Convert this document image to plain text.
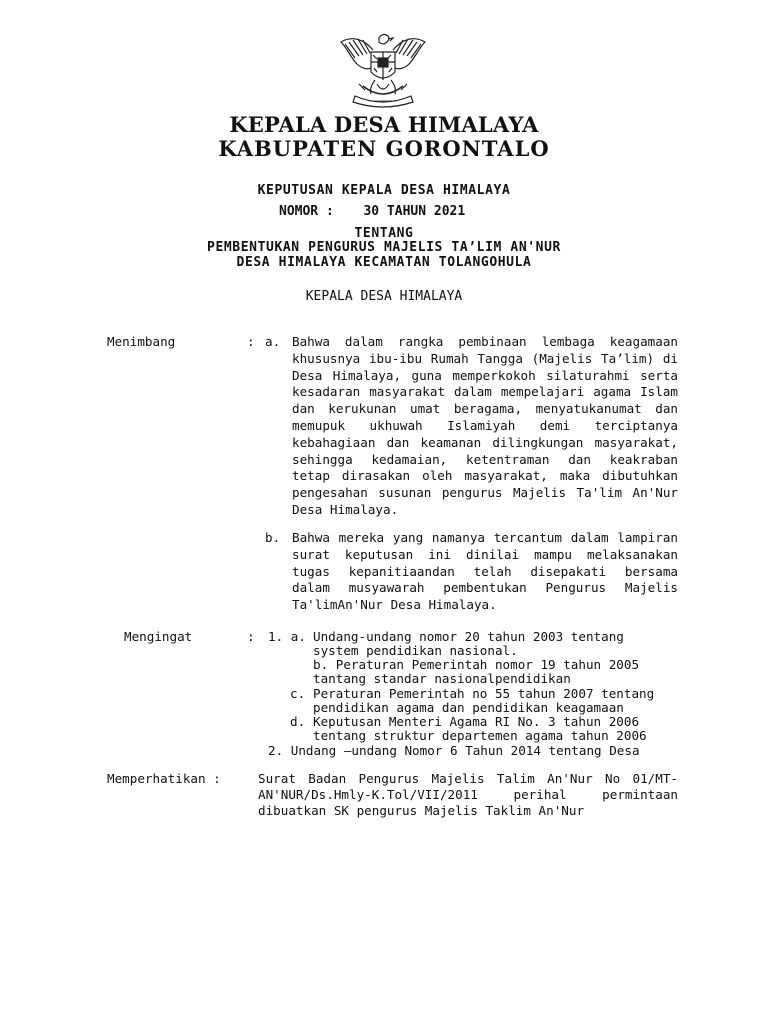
KEPALA DESA HIMALAYA
KABUPATEN GORONTALO
KEPUTUSAN KEPALA DESA HIMALAYA
NOMOR : 30 TAHUN 2021
TENTANG
PEMBENTUKAN PENGURUS MAJELIS TA’LIM AN'NUR
DESA HIMALAYA KECAMATAN TOLANGOHULA
KEPALA DESA HIMALAYA
Menimbang	: a. Bahwa dalam rangka pembinaan lembaga keagamaan khususnya ibu-ibu Rumah Tangga (Majelis Ta’lim) di Desa Himalaya, guna memperkokoh silaturahmi serta kesadaran masyarakat dalam mempelajari agama Islam dan kerukunan umat beragama, menyatukanumat dan memupuk ukhuwah Islamiyah demi terciptanya kebahagiaan dan keamanan dilingkungan masyarakat, sehingga kedamaian, ketentraman dan keakraban tetap dirasakan oleh masyarakat, maka dibutuhkan pengesahan susunan pengurus Majelis Ta'lim An'Nur Desa Himalaya.
b. Bahwa mereka yang namanya tercantum dalam lampiran surat keputusan ini dinilai mampu melaksanakan tugas kepanitiaandan telah disepakati bersama dalam musyawarah pembentukan Pengurus Majelis Ta'limAn'Nur Desa Himalaya.
Mengingat	: 1. a. Undang-undang nomor 20 tahun 2003 tentang
system pendidikan nasional.
b. Peraturan Pemerintah nomor 19 tahun 2005
tantang standar nasionalpendidikan
c. Peraturan Pemerintah no 55 tahun 2007 tentang
pendidikan agama dan pendidikan keagamaan
d. Keputusan Menteri Agama RI No. 3 tahun 2006
tentang struktur departemen agama tahun 2006
2. Undang –undang Nomor 6 Tahun 2014 tentang Desa
Memperhatikan :	Surat Badan Pengurus Majelis Talim An'Nur No 01/MT-
AN'NUR/Ds.Hmly-K.Tol/VII/2011 perihal permintaan
dibuatkan SK pengurus Majelis Taklim An'Nur
